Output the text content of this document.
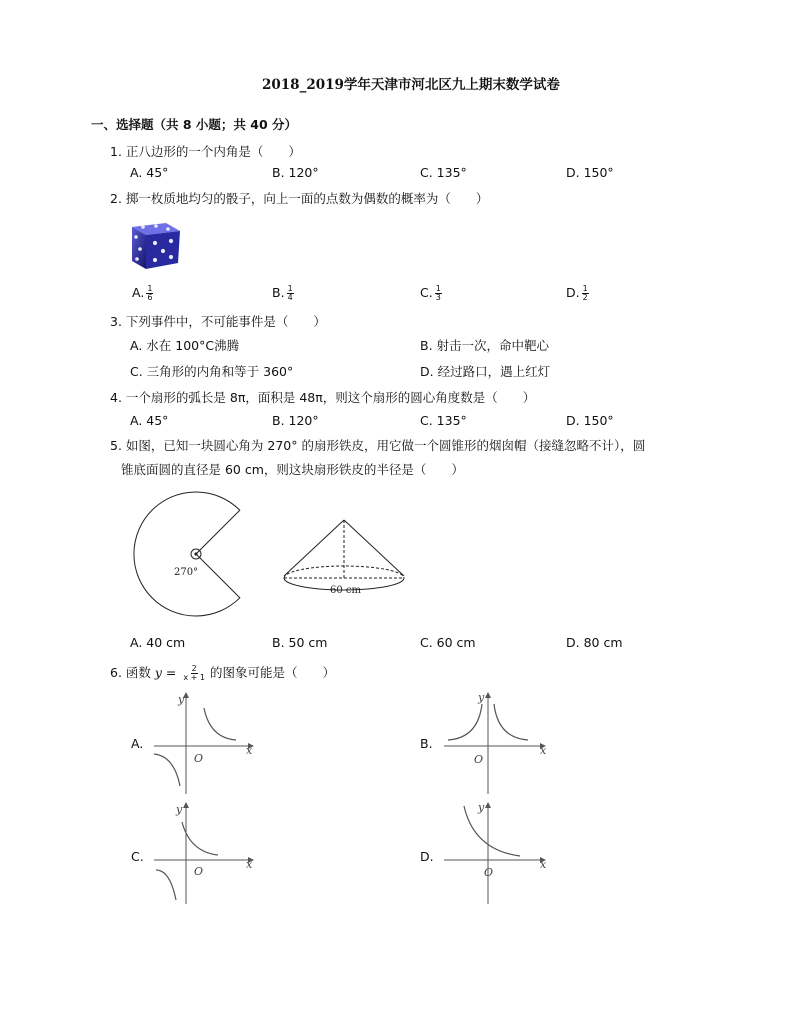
2018_2019学年天津市河北区九上期末数学试卷
一、选择题（共 8 小题；共 40 分）
1. 正八边形的一个内角是（　　）
A. 45°	B. 120°	C. 135°	D. 150°
2. 掷一枚质地均匀的骰子，向上一面的点数为偶数的概率为（　　）
A. $\frac{1}{6}$	B. $\frac{1}{4}$	C. $\frac{1}{3}$	D. $\frac{1}{2}$
3. 下列事件中，不可能事件是（　　）
A. 水在 100°C沸腾	B. 射击一次，命中靶心
C. 三角形的内角和等于 360°	D. 经过路口，遇上红灯
4. 一个扇形的弧长是 8π，面积是 48π，则这个扇形的圆心角度数是（　　）
A. 45°	B. 120°	C. 135°	D. 150°
5. 如图，已知一块圆心角为 270° 的扇形铁皮，用它做一个圆锥形的烟囱帽（接缝忽略不计），圆
锥底面圆的直径是 60 cm，则这块扇形铁皮的半径是（　　）
270°
60 cm
A. 40 cm	B. 50 cm	C. 60 cm	D. 80 cm
6. 函数 $y = \frac{2}{x + 1}$ 的图象可能是（　　）
A.	x
y
O
B.	x
y
O
C.
x
y
O
D.
x
y
O
